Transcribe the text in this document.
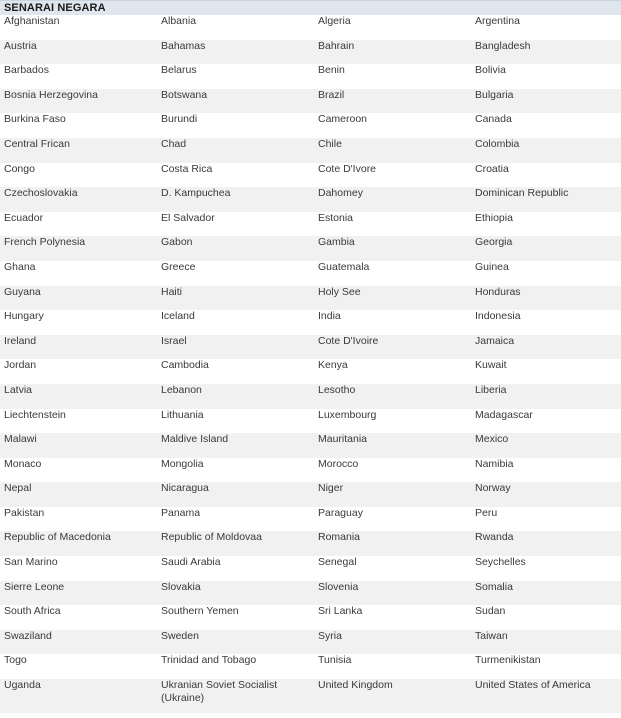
SENARAI NEGARA
Afghanistan	Albania	Algeria	Argentina
Austria	Bahamas	Bahrain	Bangladesh
Barbados	Belarus	Benin	Bolivia
Bosnia Herzegovina	Botswana	Brazil	Bulgaria
Burkina Faso	Burundi	Cameroon	Canada
Central Frican	Chad	Chile	Colombia
Congo	Costa Rica	Cote D'Ivore	Croatia
Czechoslovakia	D. Kampuchea	Dahomey	Dominican Republic
Ecuador	El Salvador	Estonia	Ethiopia
French Polynesia	Gabon	Gambia	Georgia
Ghana	Greece	Guatemala	Guinea
Guyana	Haiti	Holy See	Honduras
Hungary	Iceland	India	Indonesia
Ireland	Israel	Cote D'Ivoire	Jamaica
Jordan	Cambodia	Kenya	Kuwait
Latvia	Lebanon	Lesotho	Liberia
Liechtenstein	Lithuania	Luxembourg	Madagascar
Malawi	Maldive Island	Mauritania	Mexico
Monaco	Mongolia	Morocco	Namibia
Nepal	Nicaragua	Niger	Norway
Pakistan	Panama	Paraguay	Peru
Republic of Macedonia	Republic of Moldovaa	Romania	Rwanda
San Marino	Saudi Arabia	Senegal	Seychelles
Sierre Leone	Slovakia	Slovenia	Somalia
South Africa	Southern Yemen	Sri Lanka	Sudan
Swaziland	Sweden	Syria	Taiwan
Togo	Trinidad and Tobago	Tunisia	Turmenikistan
Uganda	Ukranian Soviet Socialist (Ukraine)	United Kingdom	United States of America
